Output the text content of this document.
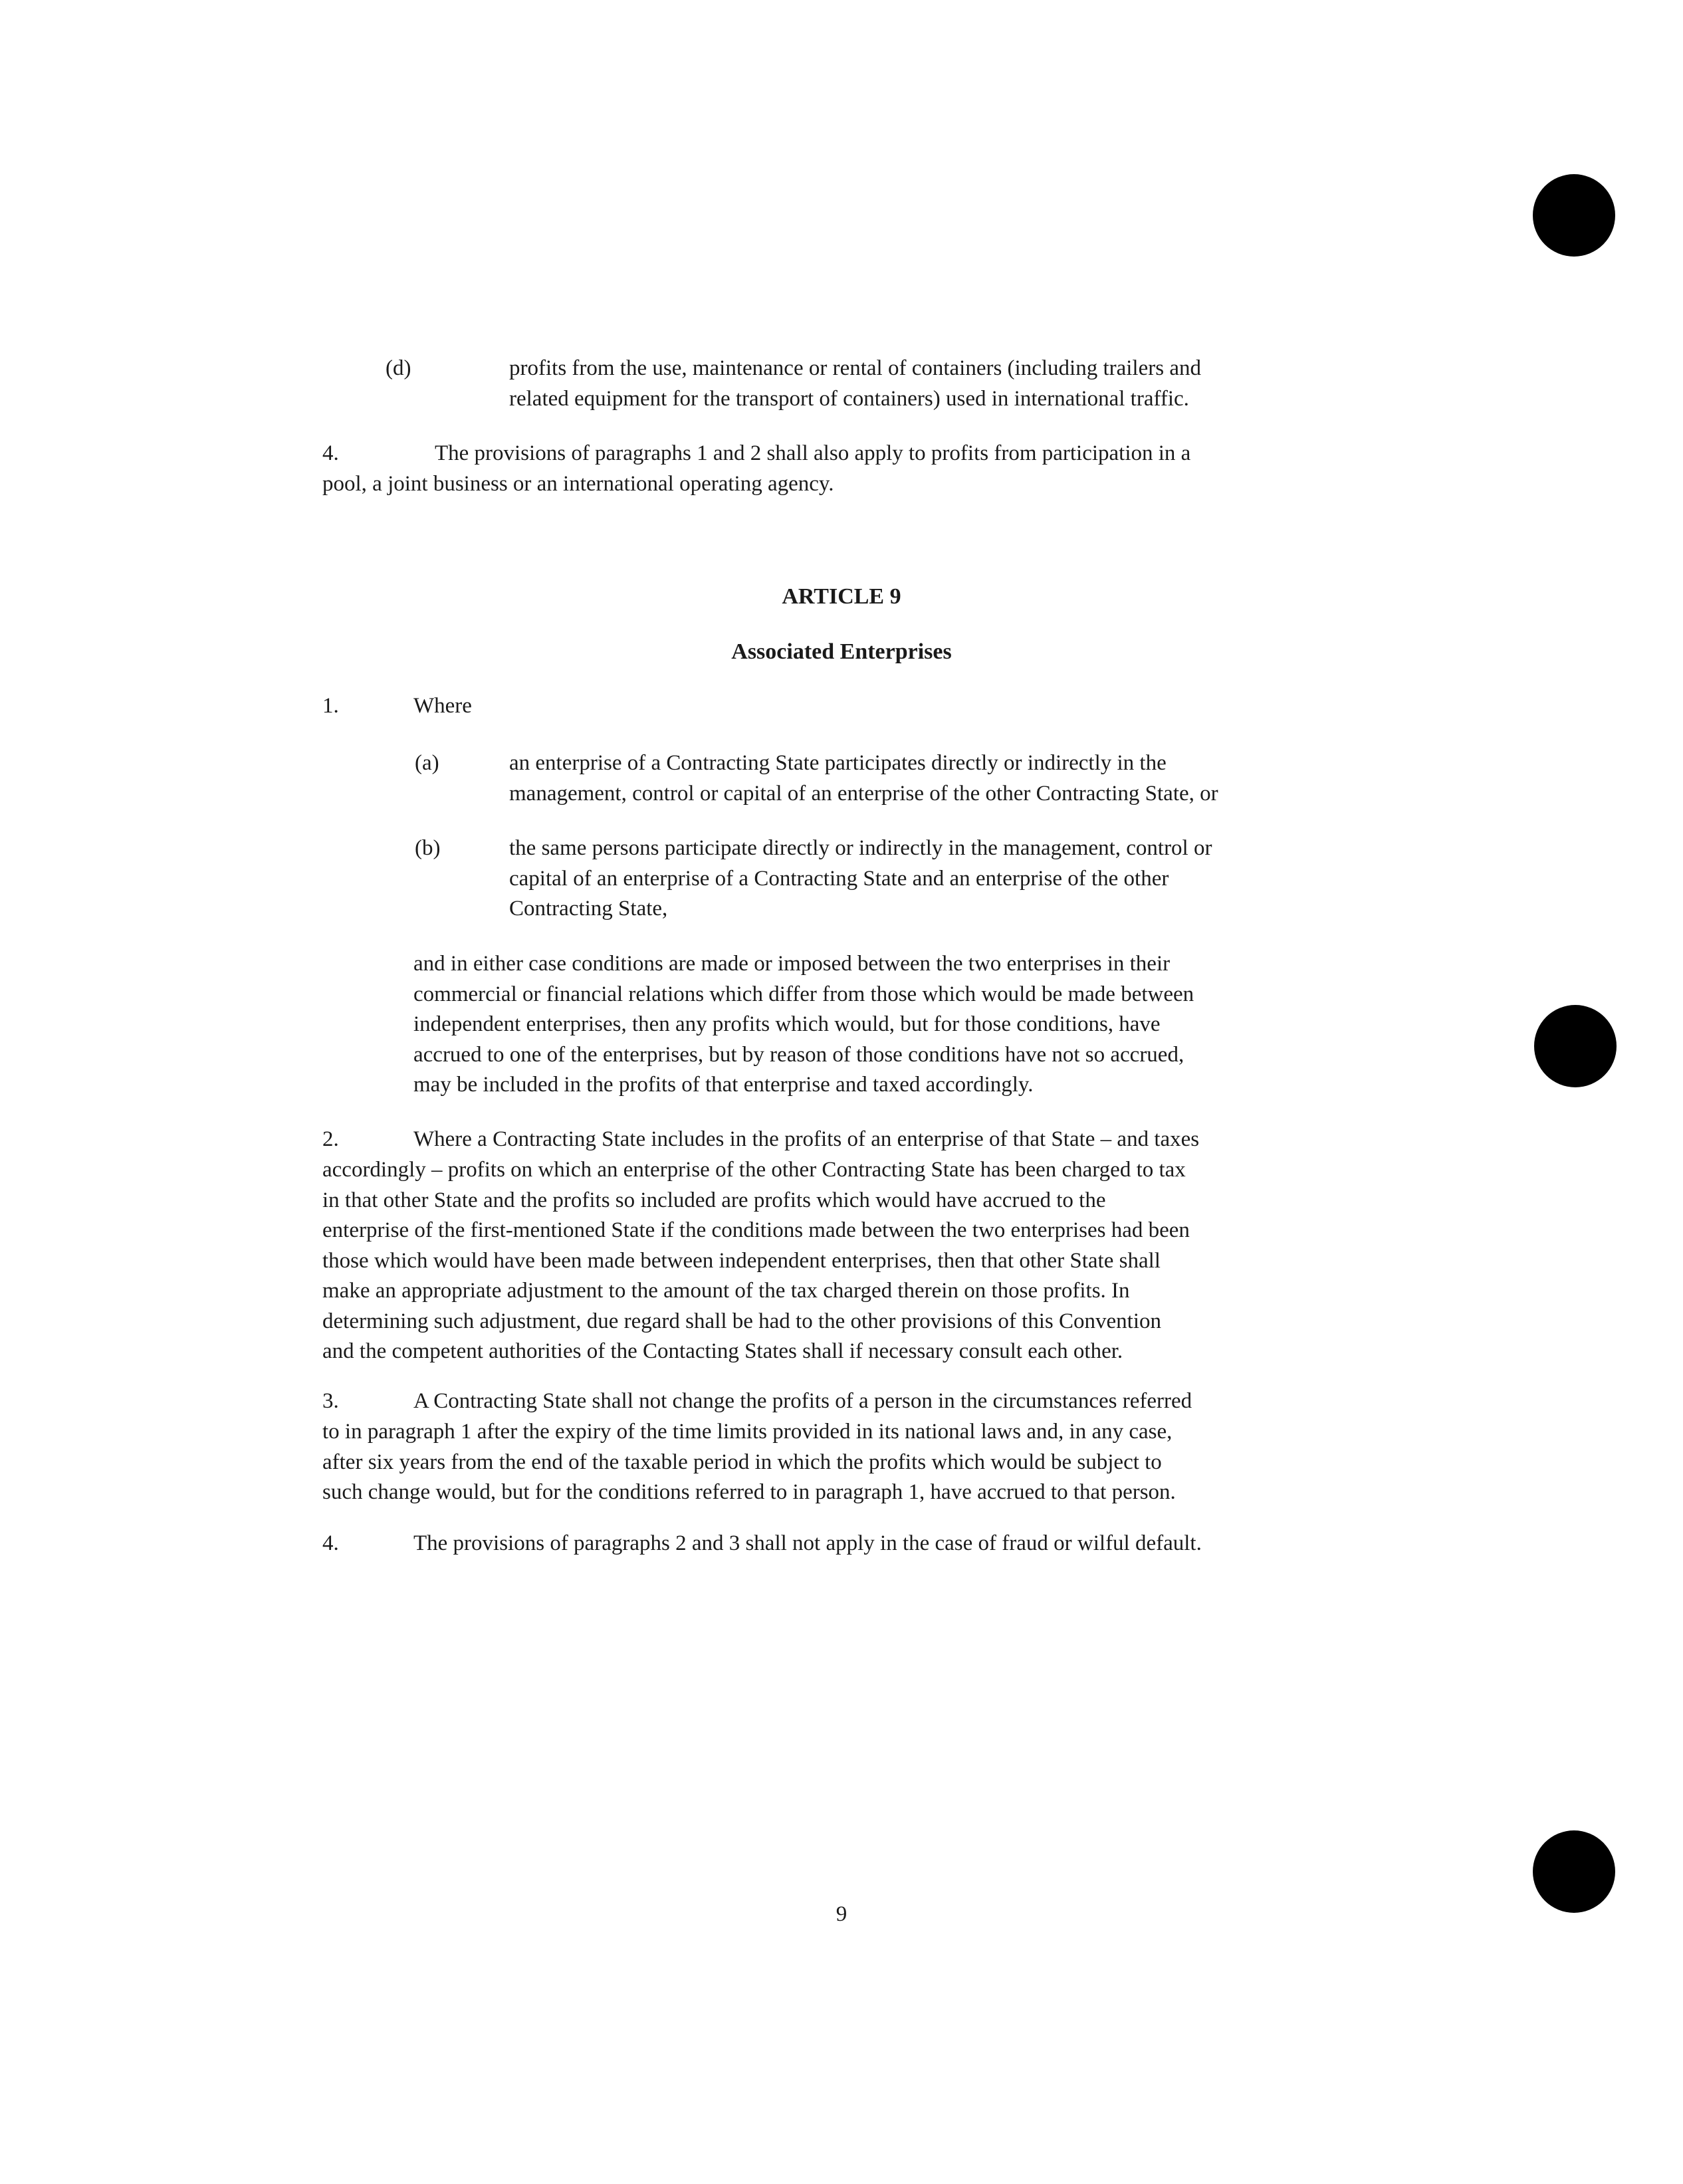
(d)	profits from the use, maintenance or rental of containers (including trailers and
related equipment for the transport of containers) used in international traffic.
4.	The provisions of paragraphs 1 and 2 shall also apply to profits from participation in a
pool, a joint business or an international operating agency.
ARTICLE 9
Associated Enterprises
1.	Where
(a)	an enterprise of a Contracting State participates directly or indirectly in the
management, control or capital of an enterprise of the other Contracting State, or
(b)	the same persons participate directly or indirectly in the management, control or
capital of an enterprise of a Contracting State and an enterprise of the other
Contracting State,
and in either case conditions are made or imposed between the two enterprises in their
commercial or financial relations which differ from those which would be made between
independent enterprises, then any profits which would, but for those conditions, have
accrued to one of the enterprises, but by reason of those conditions have not so accrued,
may be included in the profits of that enterprise and taxed accordingly.
2.	Where a Contracting State includes in the profits of an enterprise of that State – and taxes
accordingly – profits on which an enterprise of the other Contracting State has been charged to tax
in that other State and the profits so included are profits which would have accrued to the
enterprise of the first-mentioned State if the conditions made between the two enterprises had been
those which would have been made between independent enterprises, then that other State shall
make an appropriate adjustment to the amount of the tax charged therein on those profits. In
determining such adjustment, due regard shall be had to the other provisions of this Convention
and the competent authorities of the Contacting States shall if necessary consult each other.
3.	A Contracting State shall not change the profits of a person in the circumstances referred
to in paragraph 1 after the expiry of the time limits provided in its national laws and, in any case,
after six years from the end of the taxable period in which the profits which would be subject to
such change would, but for the conditions referred to in paragraph 1, have accrued to that person.
4.	The provisions of paragraphs 2 and 3 shall not apply in the case of fraud or wilful default.
9
